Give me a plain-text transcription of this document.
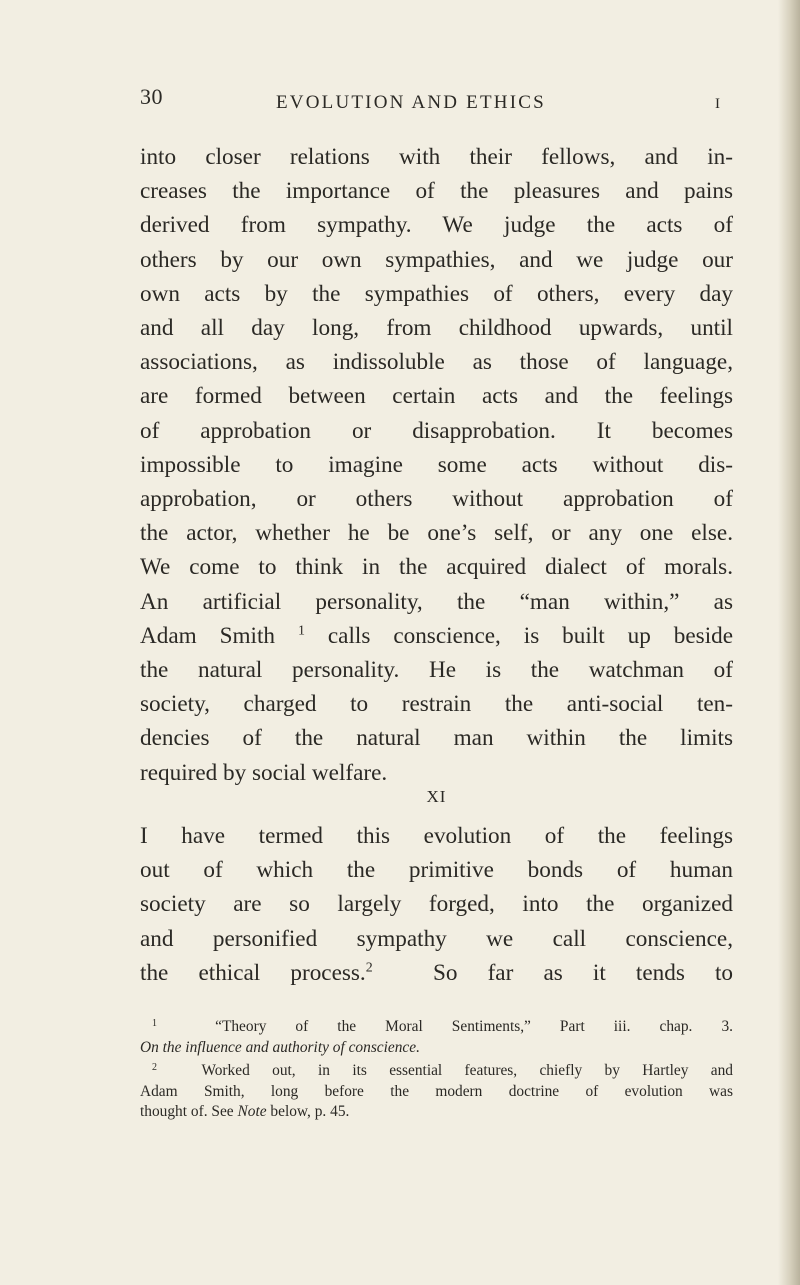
30	EVOLUTION AND ETHICS	I
into closer relations with their fellows, and in-
creases the importance of the pleasures and pains
derived from sympathy. We judge the acts of
others by our own sympathies, and we judge our
own acts by the sympathies of others, every day
and all day long, from childhood upwards, until
associations, as indissoluble as those of language,
are formed between certain acts and the feelings
of approbation or disapprobation. It becomes
impossible to imagine some acts without dis-
approbation, or others without approbation of
the actor, whether he be one’s self, or any one else.
We come to think in the acquired dialect of morals.
An artificial personality, the “man within,” as
Adam Smith $^1$ calls conscience, is built up beside
the natural personality. He is the watchman of
society, charged to restrain the anti-social ten-
dencies of the natural man within the limits
required by social welfare.
XI
I have termed this evolution of the feelings
out of which the primitive bonds of human
society are so largely forged, into the organized
and personified sympathy we call conscience,
the ethical process.$^2$	So far as it tends to
$^1$	“Theory of the Moral Sentiments,” Part iii. chap. 3.
On the influence and authority of conscience.
$^2$	Worked out, in its essential features, chiefly by Hartley and
Adam Smith, long before the modern doctrine of evolution was
thought of. See Note below, p. 45.
